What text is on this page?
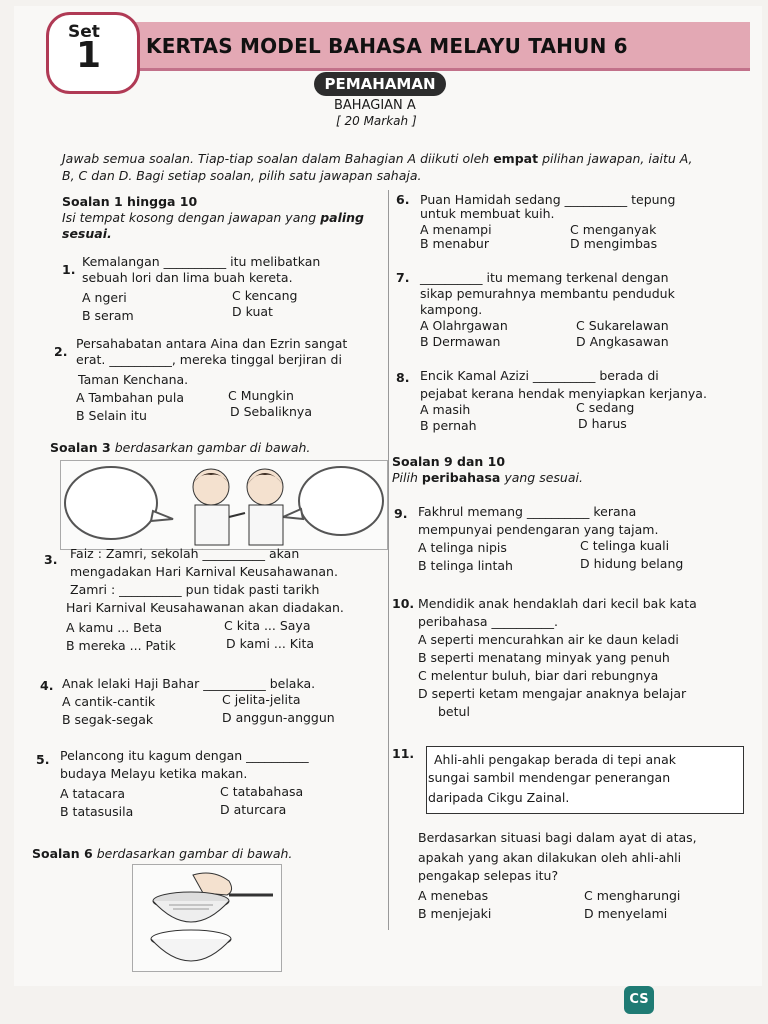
Set
1 KERTAS MODEL BAHASA MELAYU TAHUN 6
PEMAHAMAN
BAHAGIAN A
[ 20 Markah ]
Jawab semua soalan. Tiap-tiap soalan dalam Bahagian A diikuti oleh empat pilihan jawapan, iaitu A,
B, C dan D. Bagi setiap soalan, pilih satu jawapan sahaja.
Soalan 1 hingga 10
Isi tempat kosong dengan jawapan yang paling
sesuai.
1.
Kemalangan __________ itu melibatkan
sebuah lori dan lima buah kereta.
A ngeri	C kencang
B seram	D kuat
2.
Persahabatan antara Aina dan Ezrin sangat
erat. __________, mereka tinggal berjiran di
Taman Kenchana.
A Tambahan pula	C Mungkin
B Selain itu	D Sebaliknya
Soalan 3 berdasarkan gambar di bawah.
3. Faiz : Zamri, sekolah __________ akan
mengadakan Hari Karnival Keusahawanan.
Zamri : __________ pun tidak pasti tarikh
Hari Karnival Keusahawanan akan diadakan.
A kamu ... Beta	C kita ... Saya
B mereka ... Patik	D kami ... Kita
4. Anak lelaki Haji Bahar __________ belaka.
A cantik-cantik	C jelita-jelita
B segak-segak	D anggun-anggun
5. Pelancong itu kagum dengan __________
budaya Melayu ketika makan.
A tatacara	C tatabahasa
B tatasusila	D aturcara
Soalan 6 berdasarkan gambar di bawah.
6. Puan Hamidah sedang __________ tepung
untuk membuat kuih.
A menampi	C menganyak
B menabur	D mengimbas
7. __________ itu memang terkenal dengan
sikap pemurahnya membantu penduduk
kampong.
A Olahrgawan	C Sukarelawan
B Dermawan	D Angkasawan
8. Encik Kamal Azizi __________ berada di
pejabat kerana hendak menyiapkan kerjanya.
A masih	C sedang
B pernah	D harus
Soalan 9 dan 10
Pilih peribahasa yang sesuai.
9. Fakhrul memang __________ kerana
mempunyai pendengaran yang tajam.
A telinga nipis	C telinga kuali
B telinga lintah	D hidung belang
10. Mendidik anak hendaklah dari kecil bak kata
peribahasa __________.
A seperti mencurahkan air ke daun keladi
B seperti menatang minyak yang penuh
C melentur buluh, biar dari rebungnya
D seperti ketam mengajar anaknya belajar
betul
11. Ahli-ahli pengakap berada di tepi anak
sungai sambil mendengar penerangan
daripada Cikgu Zainal.
Berdasarkan situasi bagi dalam ayat di atas,
apakah yang akan dilakukan oleh ahli-ahli
pengakap selepas itu?
A menebas	C mengharungi
B menjejaki	D menyelami
CS
